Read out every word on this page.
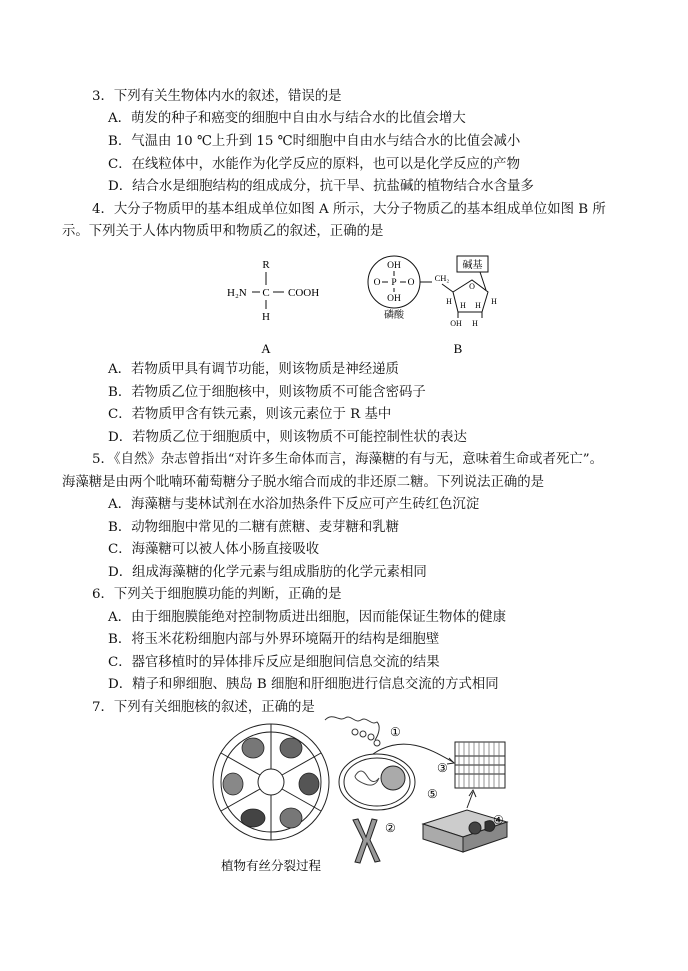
3．下列有关生物体内水的叙述，错误的是
A．萌发的种子和癌变的细胞中自由水与结合水的比值会增大
B．气温由 10 ℃上升到 15 ℃时细胞中自由水与结合水的比值会减小
C．在线粒体中，水能作为化学反应的原料，也可以是化学反应的产物
D．结合水是细胞结构的组成成分，抗干旱、抗盐碱的植物结合水含量多
4．大分子物质甲的基本组成单位如图 A 所示，大分子物质乙的基本组成单位如图 B 所
示。下列关于人体内物质甲和物质乙的叙述，正确的是
R
H₂N C COOH
H
A
OH
O P O
OH
磷酸
CH₂
O
碱基
H	H
H H
OH H
B
A．若物质甲具有调节功能，则该物质是神经递质
B．若物质乙位于细胞核中，则该物质不可能含密码子
C．若物质甲含有铁元素，则该元素位于 R 基中
D．若物质乙位于细胞质中，则该物质不可能控制性状的表达
5．《自然》杂志曾指出“对许多生命体而言，海藻糖的有与无，意味着生命或者死亡”。
海藻糖是由两个吡喃环葡萄糖分子脱水缩合而成的非还原二糖。下列说法正确的是
A．海藻糖与斐林试剂在水浴加热条件下反应可产生砖红色沉淀
B．动物细胞中常见的二糖有蔗糖、麦芽糖和乳糖
C．海藻糖可以被人体小肠直接吸收
D．组成海藻糖的化学元素与组成脂肪的化学元素相同
6．下列关于细胞膜功能的判断，正确的是
A．由于细胞膜能绝对控制物质进出细胞，因而能保证生物体的健康
B．将玉米花粉细胞内部与外界环境隔开的结构是细胞壁
C．器官移植时的异体排斥反应是细胞间信息交流的结果
D．精子和卵细胞、胰岛 B 细胞和肝细胞进行信息交流的方式相同
7．下列有关细胞核的叙述，正确的是
①
⑤
②
④
③
植物有丝分裂过程
